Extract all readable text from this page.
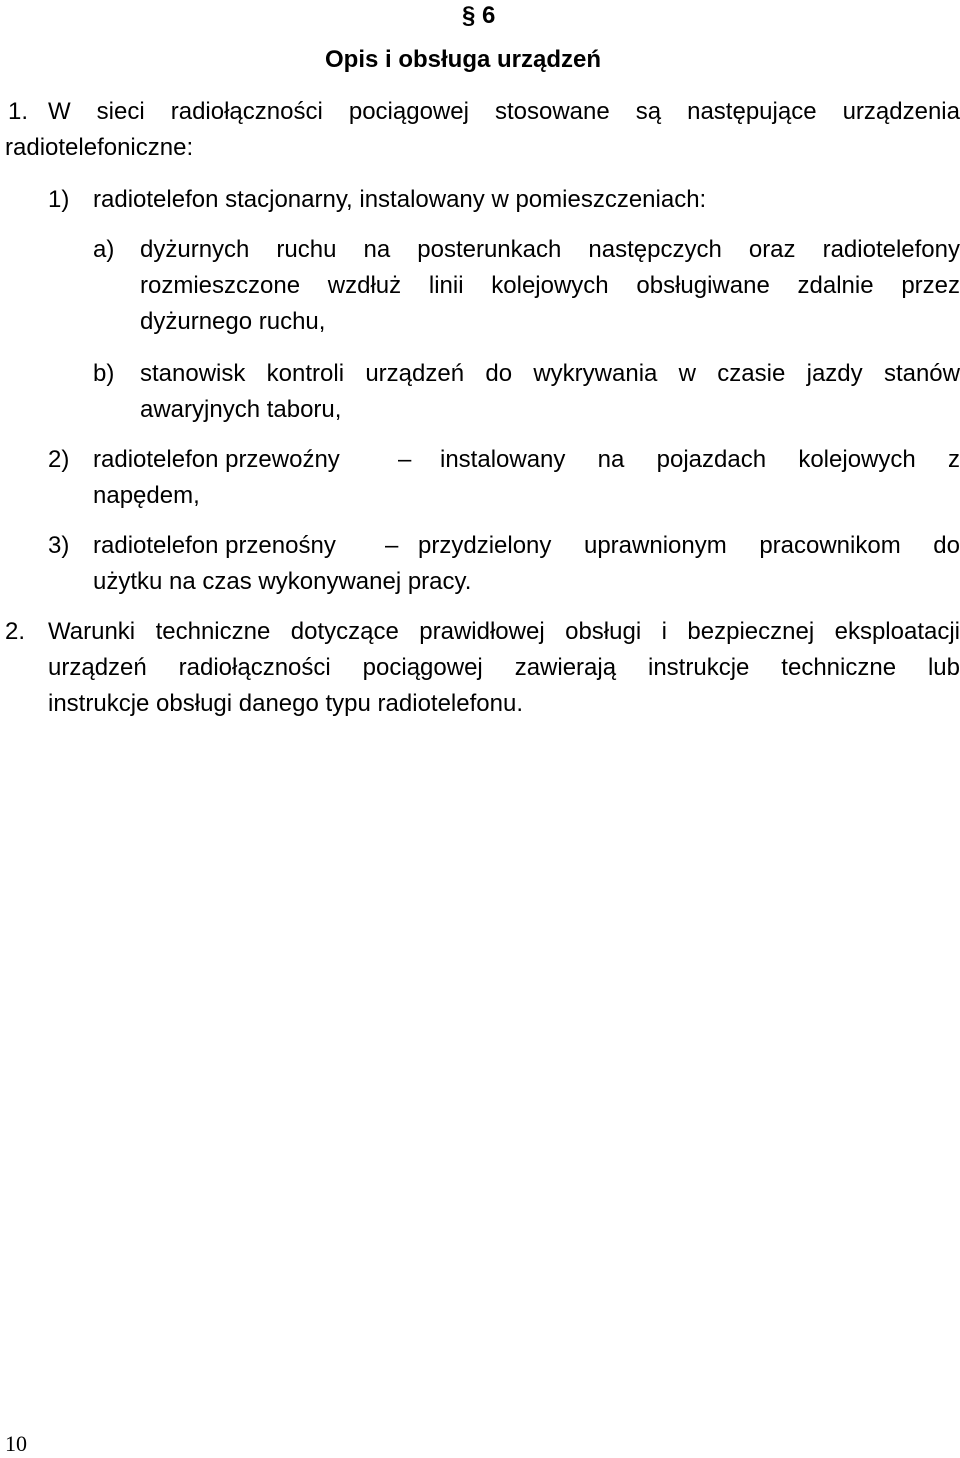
§ 6
Opis i obsługa urządzeń
1. W sieci radiołączności pociągowej stosowane są następujące urządzenia
radiotelefoniczne:
1) radiotelefon stacjonarny, instalowany w pomieszczeniach:
a) dyżurnych ruchu na posterunkach następczych oraz radiotelefony
rozmieszczone wzdłuż linii kolejowych obsługiwane zdalnie przez
dyżurnego ruchu,
b) stanowisk kontroli urządzeń do wykrywania w czasie jazdy stanów
awaryjnych taboru,
2) radiotelefon przewoźny – instalowany na pojazdach kolejowych z
napędem,
3) radiotelefon przenośny – przydzielony uprawnionym pracownikom do
użytku na czas wykonywanej pracy.
2. Warunki techniczne dotyczące prawidłowej obsługi i bezpiecznej eksploatacji
urządzeń radiołączności pociągowej zawierają instrukcje techniczne lub
instrukcje obsługi danego typu radiotelefonu.
10
